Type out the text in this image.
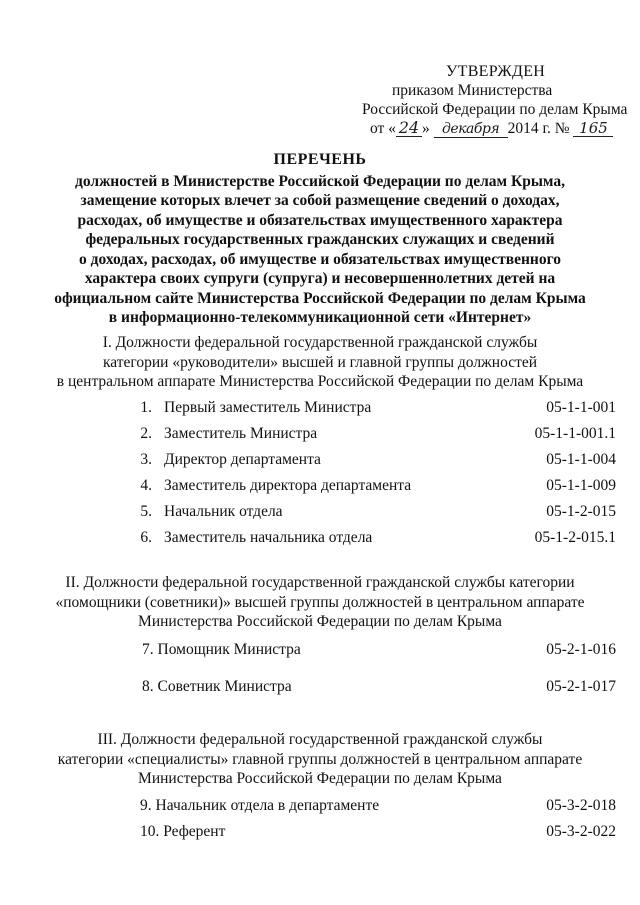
УТВЕРЖДЕН
приказом Министерства
Российской Федерации по делам Крыма
от « 24 » декабря 2014 г. № 165
ПЕРЕЧЕНЬ
должностей в Министерстве Российской Федерации по делам Крыма,
замещение которых влечет за собой размещение сведений о доходах,
расходах, об имуществе и обязательствах имущественного характера
федеральных государственных гражданских служащих и сведений
о доходах, расходах, об имуществе и обязательствах имущественного
характера своих супруги (супруга) и несовершеннолетних детей на
официальном сайте Министерства Российской Федерации по делам Крыма
в информационно-телекоммуникационной сети «Интернет»
I. Должности федеральной государственной гражданской службы
категории «руководители» высшей и главной группы должностей
в центральном аппарате Министерства Российской Федерации по делам Крыма
1. Первый заместитель Министра	05-1-1-001
2. Заместитель Министра	05-1-1-001.1
3. Директор департамента	05-1-1-004
4. Заместитель директора департамента	05-1-1-009
5. Начальник отдела	05-1-2-015
6. Заместитель начальника отдела	05-1-2-015.1
II. Должности федеральной государственной гражданской службы категории
«помощники (советники)» высшей группы должностей в центральном аппарате
Министерства Российской Федерации по делам Крыма
7. Помощник Министра	05-2-1-016
8. Советник Министра	05-2-1-017
III. Должности федеральной государственной гражданской службы
категории «специалисты» главной группы должностей в центральном аппарате
Министерства Российской Федерации по делам Крыма
9. Начальник отдела в департаменте	05-3-2-018
10. Референт	05-3-2-022
